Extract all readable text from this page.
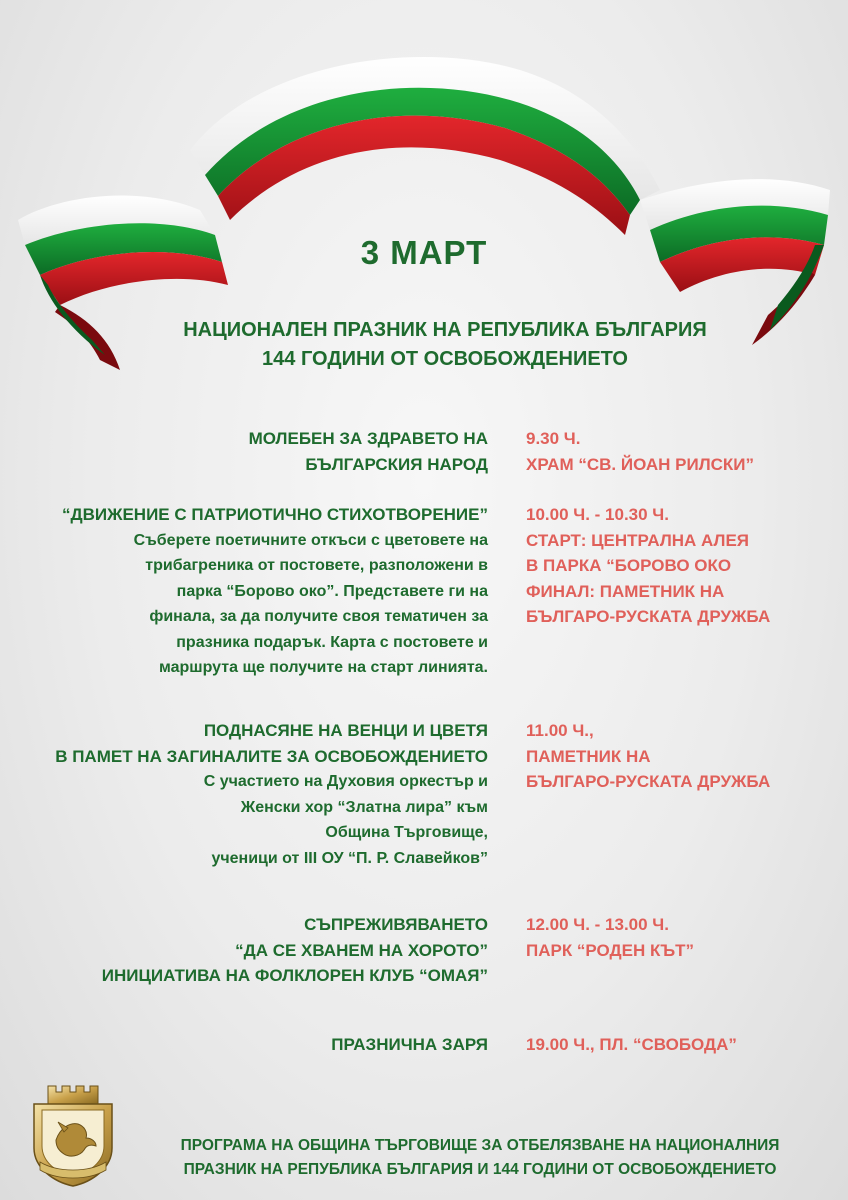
3 МАРТ
НАЦИОНАЛЕН ПРАЗНИК НА РЕПУБЛИКА БЪЛГАРИЯ
144 ГОДИНИ ОТ ОСВОБОЖДЕНИЕТО
МОЛЕБЕН ЗА ЗДРАВЕТО НА
БЪЛГАРСКИЯ НАРОД
9.30 Ч.
ХРАМ “СВ. ЙОАН РИЛСКИ”
“ДВИЖЕНИЕ С ПАТРИОТИЧНО СТИХОТВОРЕНИЕ”
Съберете поетичните откъси с цветовете на
трибагреника от постовете, разположени в
парка “Борово око”. Представете ги на
финала, за да получите своя тематичен за
празника подарък. Карта с постовете и
маршрута ще получите на старт линията.
10.00 Ч. - 10.30 Ч.
СТАРТ: ЦЕНТРАЛНА АЛЕЯ
В ПАРКА “БОРОВО ОКО
ФИНАЛ: ПАМЕТНИК НА
БЪЛГАРО-РУСКАТА ДРУЖБА
ПОДНАСЯНЕ НА ВЕНЦИ И ЦВЕТЯ
В ПАМЕТ НА ЗАГИНАЛИТЕ ЗА ОСВОБОЖДЕНИЕТО
С участието на Духовия оркестър и
Женски хор “Златна лира” към
Община Търговище,
ученици от III ОУ “П. Р. Славейков”
11.00 Ч.,
ПАМЕТНИК НА
БЪЛГАРО-РУСКАТА ДРУЖБА
СЪПРЕЖИВЯВАНЕТО
“ДА СЕ ХВАНЕМ НА ХОРОТО”
ИНИЦИАТИВА НА ФОЛКЛОРЕН КЛУБ “ОМАЯ”
12.00 Ч. - 13.00 Ч.
ПАРК “РОДЕН КЪТ”
ПРАЗНИЧНА ЗАРЯ 19.00 Ч., ПЛ. “СВОБОДА”
ПРОГРАМА НА ОБЩИНА ТЪРГОВИЩЕ ЗА ОТБЕЛЯЗВАНЕ НА НАЦИОНАЛНИЯ
ПРАЗНИК НА РЕПУБЛИКА БЪЛГАРИЯ И 144 ГОДИНИ ОТ ОСВОБОЖДЕНИЕТО
